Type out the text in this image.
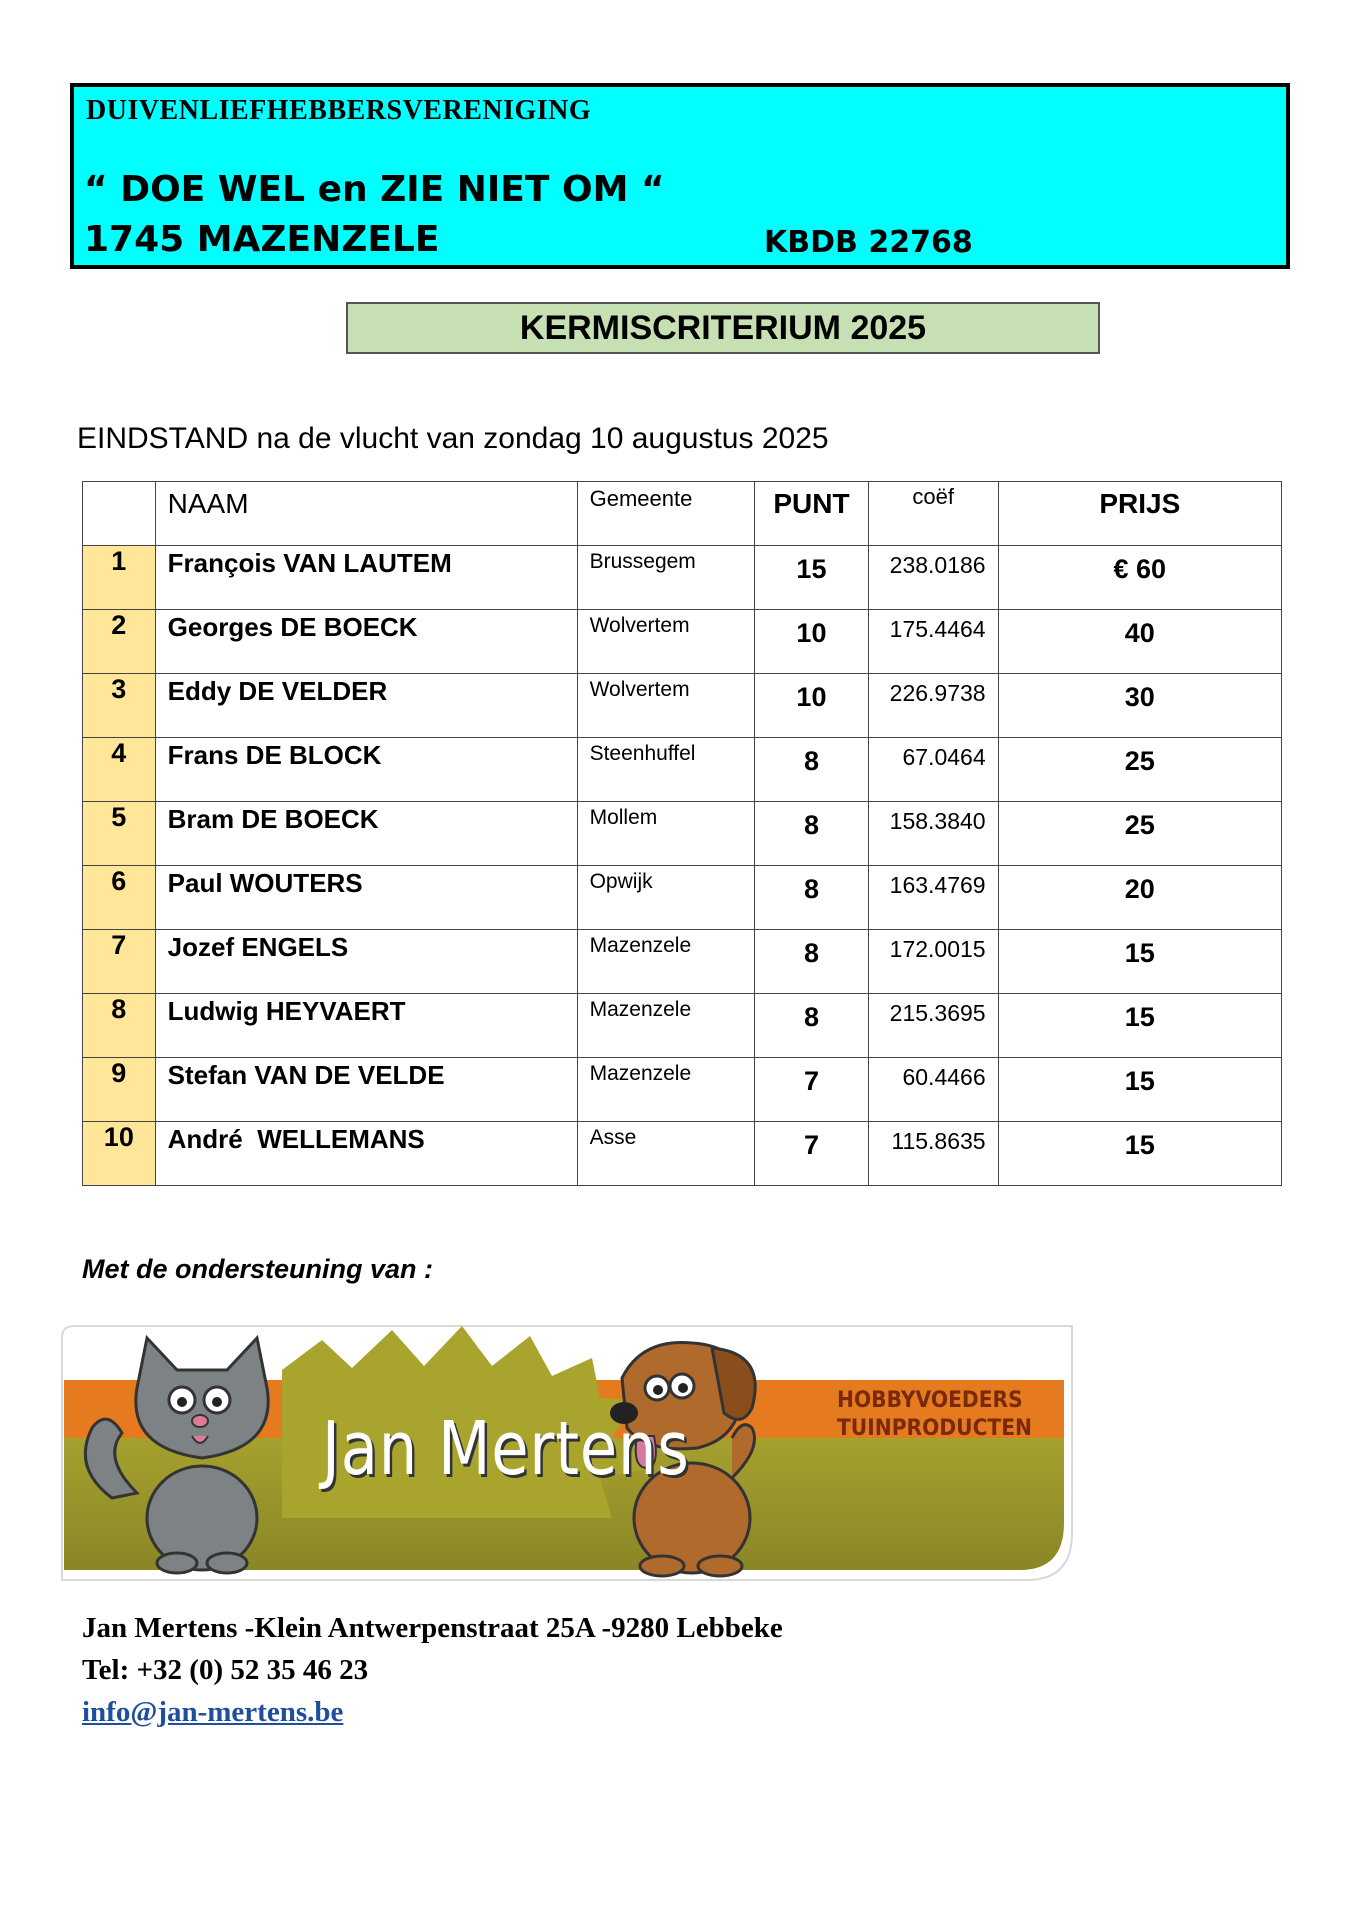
DUIVENLIEFHEBBERSVERENIGING
“ DOE WEL en ZIE NIET OM “
1745 MAZENZELE	KBDB 22768
KERMISCRITERIUM 2025
EINDSTAND na de vlucht van zondag 10 augustus 2025

	NAAM	Gemeente	PUNT	coëf	PRIJS

1	François VAN LAUTEM	Brussegem	15	238.0186	€ 60

2	Georges DE BOECK	Wolvertem	10	175.4464	40

3	Eddy DE VELDER	Wolvertem	10	226.9738	30

4	Frans DE BLOCK	Steenhuffel	8	67.0464	25

5	Bram DE BOECK	Mollem	8	158.3840	25

6	Paul WOUTERS	Opwijk	8	163.4769	20

7	Jozef ENGELS	Mazenzele	8	172.0015	15

8	Ludwig HEYVAERT	Mazenzele	8	215.3695	15

9	Stefan VAN DE VELDE	Mazenzele	7	60.4466	15

10	André  WELLEMANS	Asse	7	115.8635	15
Met de ondersteuning van :
Jan Mertens
HOBBYVOEDERS
TUINPRODUCTEN
Jan Mertens -Klein Antwerpenstraat 25A -9280 Lebbeke
Tel: +32 (0) 52 35 46 23
info@jan-mertens.be
